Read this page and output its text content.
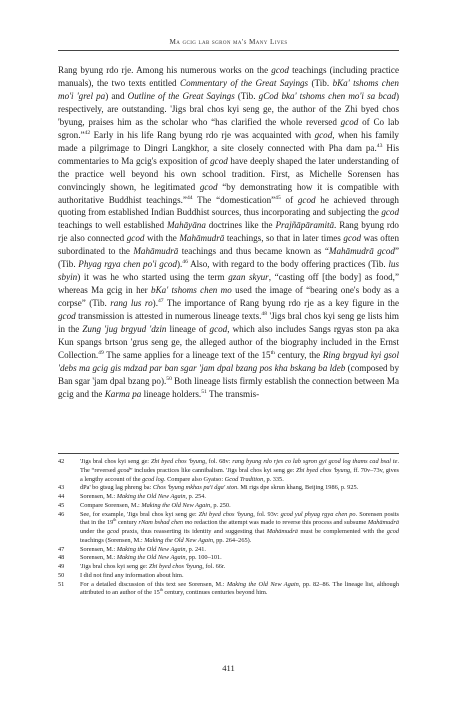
Ma gcig lab sgron ma's Many Lives

Rang byung rdo rje. Among his numerous works on the gcod teachings (including practice manuals), the two texts entitled Commentary of the Great Sayings (Tib. bKa' tshoms chen mo'i 'grel pa) and Outline of the Great Sayings (Tib. gCod bka' tshoms chen mo'i sa bcad) respectively, are outstanding. 'Jigs bral chos kyi seng ge, the author of the Zhi byed chos 'byung, praises him as the scholar who “has clarified the whole reversed gcod of Co lab sgron.”$^{42}$ Early in his life Rang byung rdo rje was acquainted with gcod, when his family made a pilgrimage to Dingri Langkhor, a site closely connected with Pha dam pa.$^{43}$ His commentaries to Ma gcig's exposition of gcod have deeply shaped the later understanding of the practice well beyond his own school tradition. First, as Michelle Sorensen has convincingly shown, he legitimated gcod “by demonstrating how it is compatible with authoritative Buddhist teachings.”$^{44}$ The “domestication”$^{45}$ of gcod he achieved through quoting from established Indian Buddhist sources, thus incorporating and subjecting the gcod teachings to well established Mahāyāna doctrines like the Prajñāpāramitā. Rang byung rdo rje also connected gcod with the Mahāmudrā teachings, so that in later times gcod was often subordinated to the Mahāmudrā teachings and thus became known as “Mahāmudrā gcod” (Tib. Phyag rgya chen po'i gcod).$^{46}$ Also, with regard to the body offering practices (Tib. lus sbyin) it was he who started using the term gzan skyur, “casting off [the body] as food,” whereas Ma gcig in her bKa' tshoms chen mo used the image of “bearing one's body as a corpse” (Tib. rang lus ro).$^{47}$ The importance of Rang byung rdo rje as a key figure in the gcod transmission is attested in numerous lineage texts.$^{48}$ 'Jigs bral chos kyi seng ge lists him in the Zung 'jug brgyud 'dzin lineage of gcod, which also includes Sangs rgyas ston pa aka Kun spangs brtson 'grus seng ge, the alleged author of the biography included in the Ernst Collection.$^{49}$ The same applies for a lineage text of the 15th century, the Ring brgyud kyi gsol 'debs ma gcig gis mdzad par ban sgar 'jam dpal bzang pos kha bskang ba ldeb (composed by Ban sgar 'jam dpal bzang po).$^{50}$ Both lineage lists firmly establish the connection between Ma gcig and the Karma pa lineage holders.$^{51}$ The transmis-

42	'Jigs bral chos kyi seng ge: Zhi byed chos 'byung, fol. 68v: rang byung rdo rjes co lab sgron gyi gcod log thams cad bsal te. The “reversed gcod” includes practices like cannibalism. 'Jigs bral chos kyi seng ge: Zhi byed chos 'byung, ff. 70v–73v, gives a lengthy account of the gcod log. Compare also Gyatso: Gcod Tradition, p. 335.
43	dPa' bo gtsug lag phreng ba: Chos 'byung mkhas pa'i dga' ston. Mi rigs dpe skrun khang, Beijing 1986, p. 925.
44	Sorensen, M.: Making the Old New Again, p. 254.
45	Compare Sorensen, M.: Making the Old New Again, p. 250.
46	See, for example, 'Jigs bral chos kyi seng ge: Zhi byed chos 'byung, fol. 93v: gcod yul phyag rgya chen po. Sorensen posits that in the 19th century rNam bshad chen mo redaction the attempt was made to reverse this process and subsume Mahāmudrā under the gcod praxis, thus reasserting its identity and suggesting that Mahāmudrā must be complemented with the gcod teachings (Sorensen, M.: Making the Old New Again, pp. 264–265).
47	Sorensen, M.: Making the Old New Again, p. 241.
48	Sorensen, M.: Making the Old New Again, pp. 100–101.
49	'Jigs bral chos kyi seng ge: Zhi byed chos 'byung, fol. 66r.
50	I did not find any information about him.
51	For a detailed discussion of this text see Sorensen, M.: Making the Old New Again, pp. 82–86. The lineage list, although attributed to an author of the 15th century, continues centuries beyond him.
411
